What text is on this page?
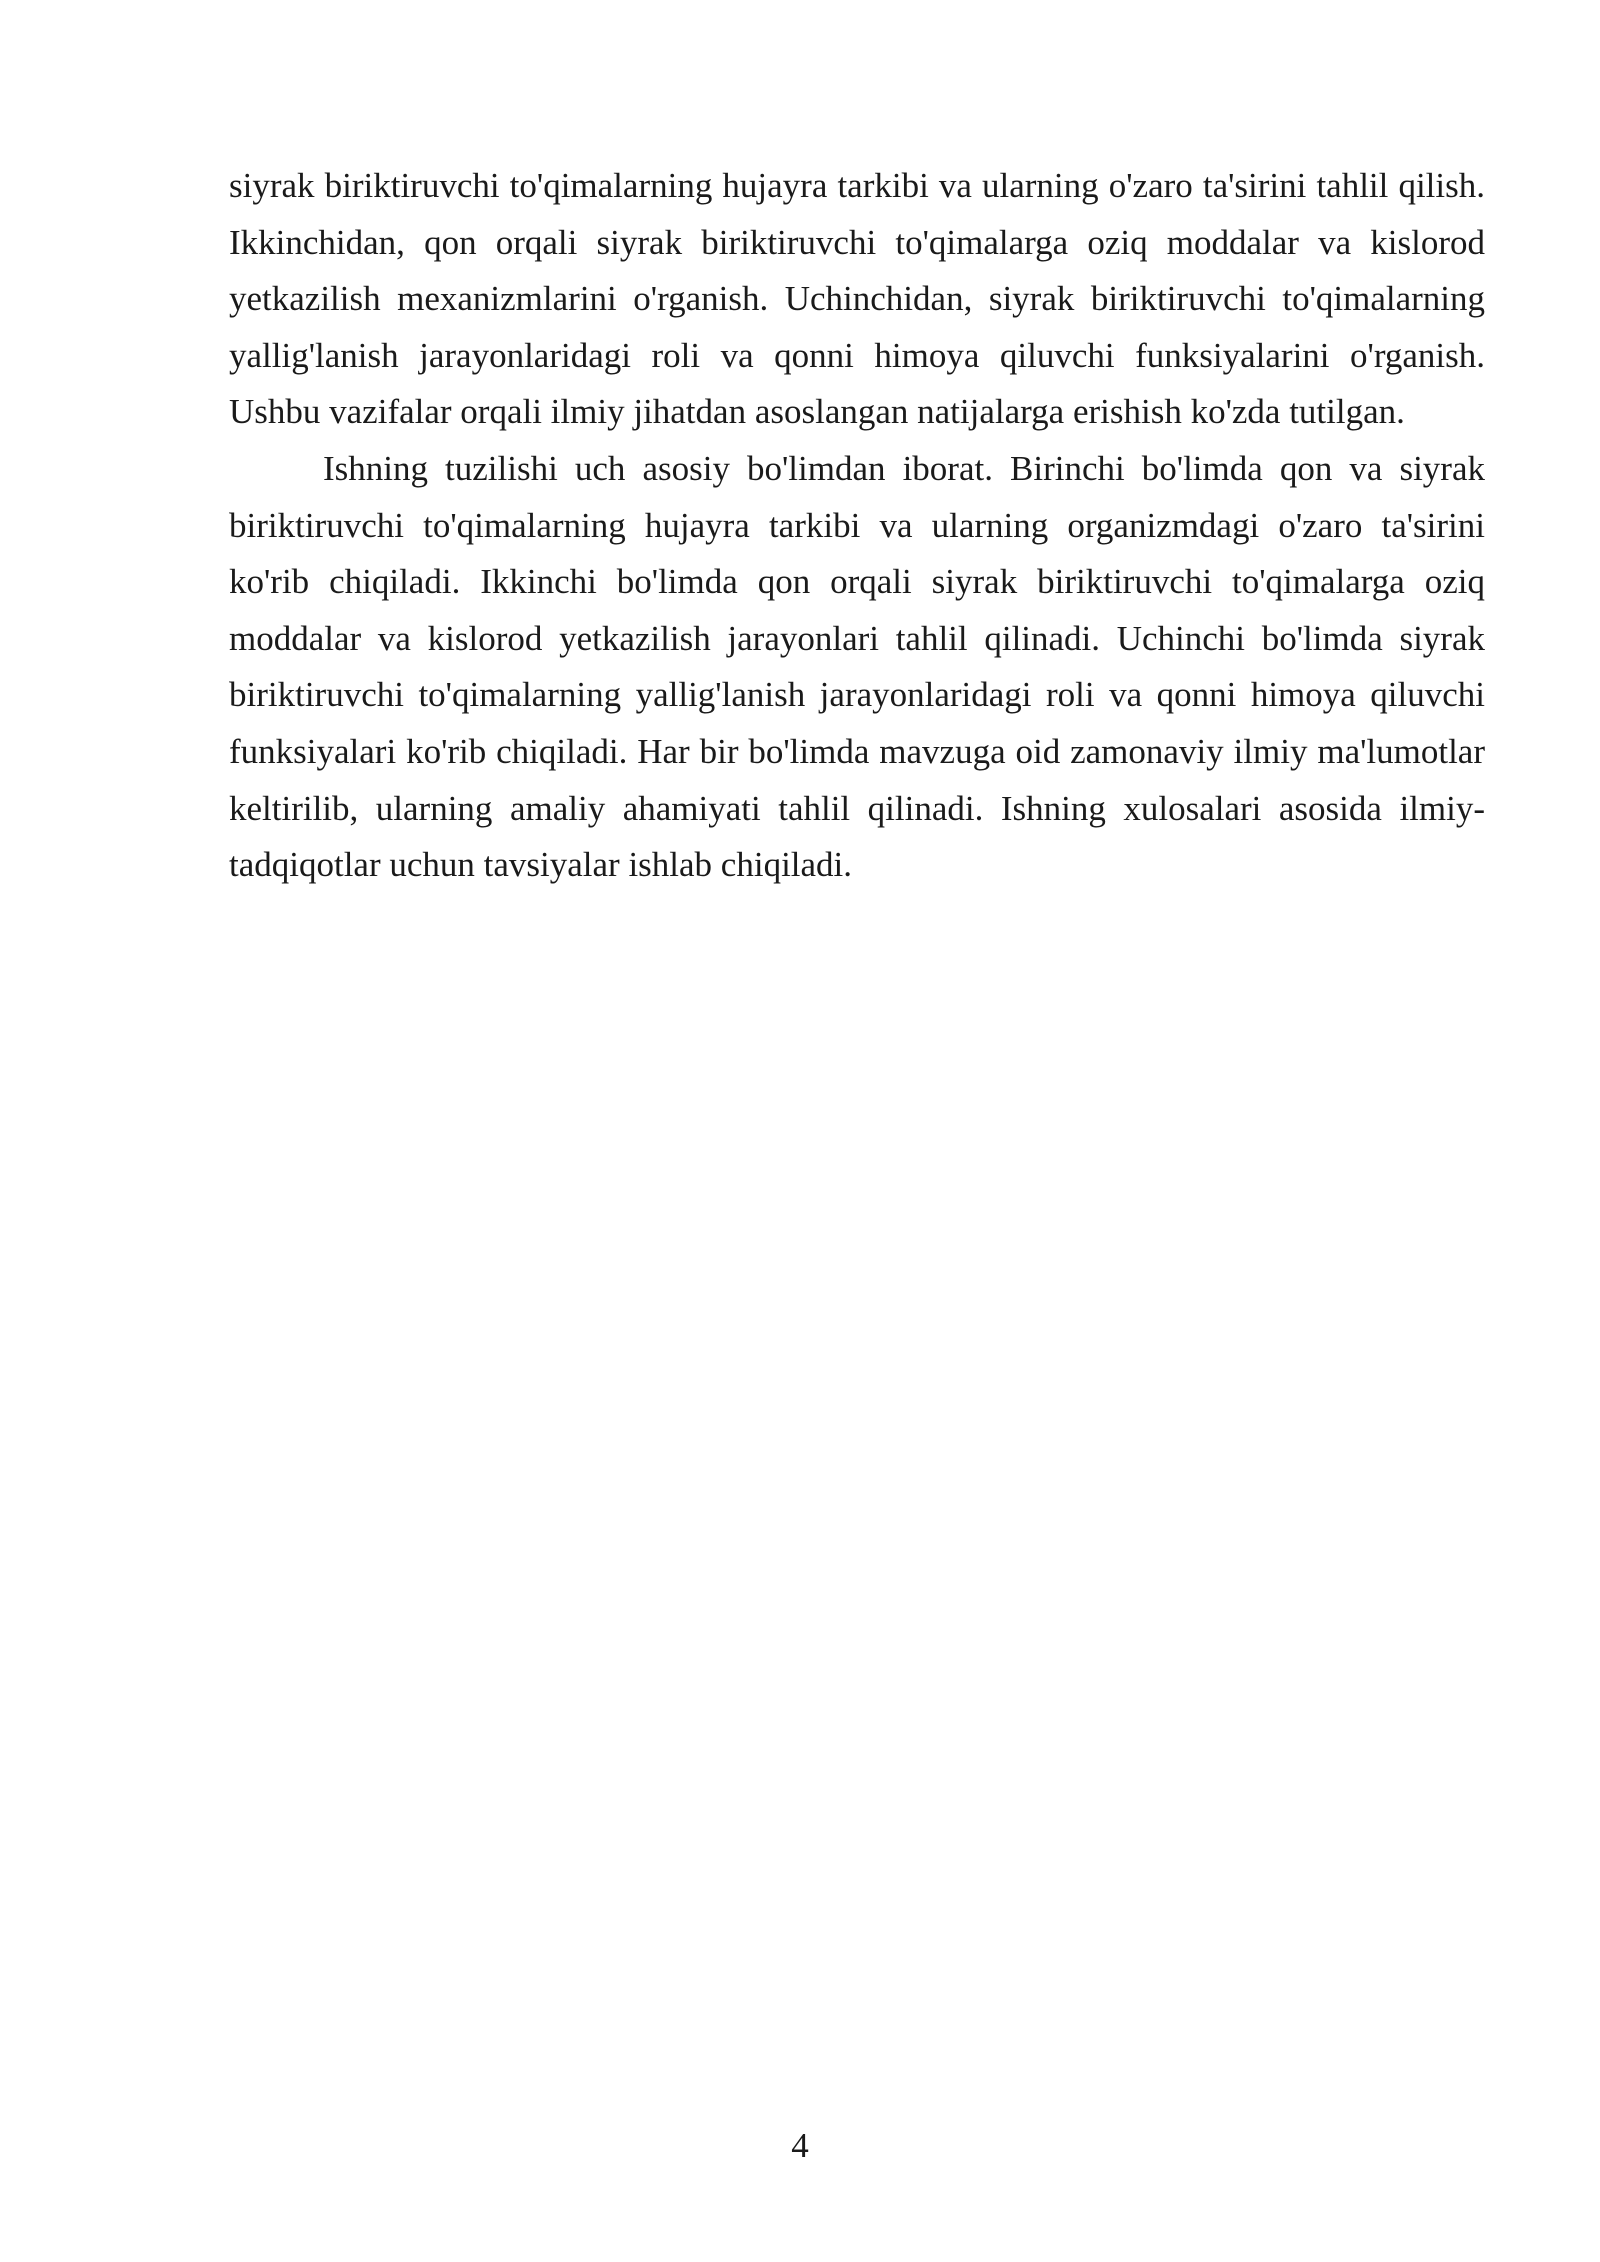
siyrak biriktiruvchi to'qimalarning hujayra tarkibi va ularning o'zaro ta'sirini tahlil qilish. Ikkinchidan, qon orqali siyrak biriktiruvchi to'qimalarga oziq moddalar va kislorod yetkazilish mexanizmlarini o'rganish. Uchinchidan, siyrak biriktiruvchi to'qimalarning yallig'lanish jarayonlaridagi roli va qonni himoya qiluvchi funksiyalarini o'rganish. Ushbu vazifalar orqali ilmiy jihatdan asoslangan natijalarga erishish ko'zda tutilgan.

Ishning tuzilishi uch asosiy bo'limdan iborat. Birinchi bo'limda qon va siyrak biriktiruvchi to'qimalarning hujayra tarkibi va ularning organizmdagi o'zaro ta'sirini ko'rib chiqiladi. Ikkinchi bo'limda qon orqali siyrak biriktiruvchi to'qimalarga oziq moddalar va kislorod yetkazilish jarayonlari tahlil qilinadi. Uchinchi bo'limda siyrak biriktiruvchi to'qimalarning yallig'lanish jarayonlaridagi roli va qonni himoya qiluvchi funksiyalari ko'rib chiqiladi. Har bir bo'limda mavzuga oid zamonaviy ilmiy ma'lumotlar keltirilib, ularning amaliy ahamiyati tahlil qilinadi. Ishning xulosalari asosida ilmiy-tadqiqotlar uchun tavsiyalar ishlab chiqiladi.

4
